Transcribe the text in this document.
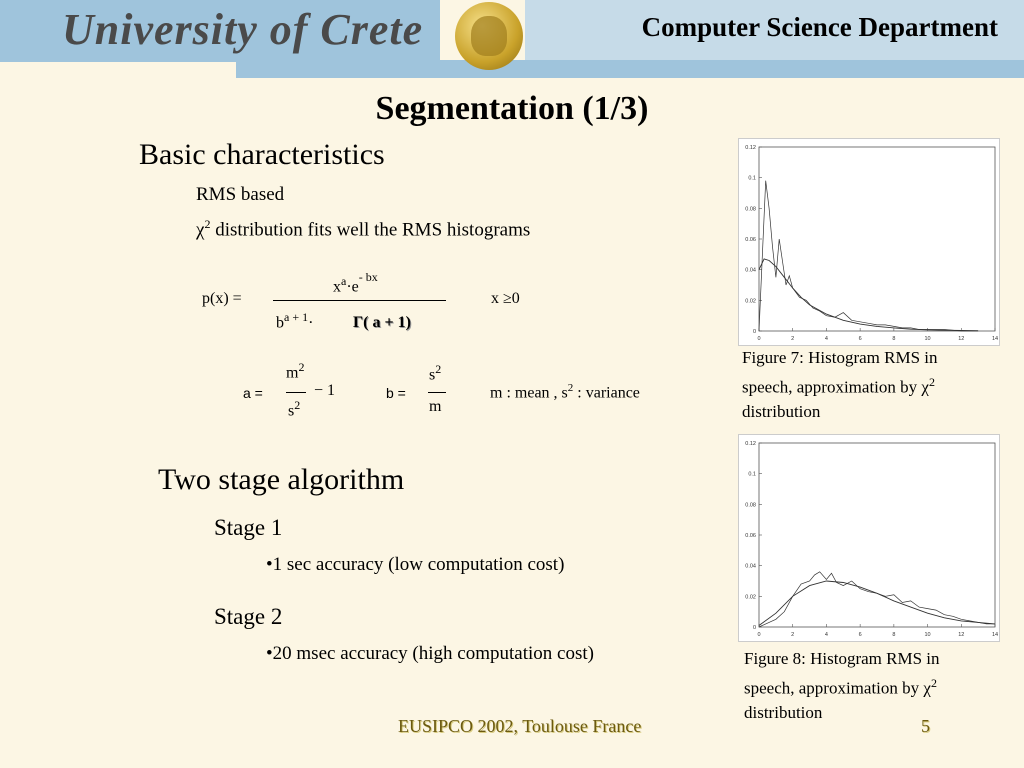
University of Crete	Computer Science Department
Segmentation (1/3)
Basic characteristics
RMS based
$\chi^2$ distribution fits well the RMS histograms
p(x) =
$x^a\cdot e^{- bx}$
$b^{a + 1}\cdot \Gamma$( a + 1)
x ≥0
a =
$m^2$
$s^2$
− 1	b =
$s^2$
m
m : mean , $s^2$ : variance
Two stage algorithm
Stage 1
•1 sec accuracy (low computation cost)
Stage 2
•20 msec accuracy (high computation cost)
0	2	4	6	8	10	12	14
0
0.02
0.04
0.06
0.08
0.1
0.12
Figure 7: Histogram RMS in
speech, approximation by $\chi^2$
distribution
0	2	4	6	8	10	12	14
0
0.02
0.04
0.06
0.08
0.1
0.12
Figure 8: Histogram RMS in
speech, approximation by $\chi^2$
distribution
EUSIPCO 2002, Toulouse France	5
